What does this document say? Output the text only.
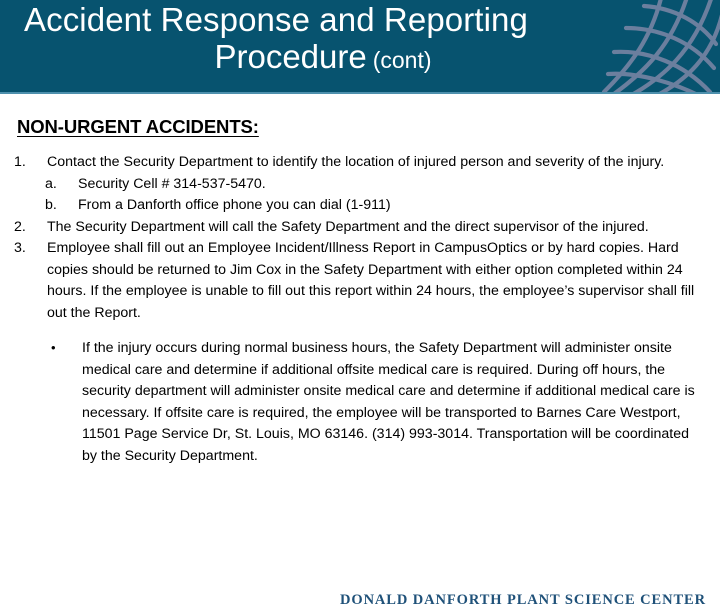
Accident Response and Reporting
Procedure (cont)
NON-URGENT ACCIDENTS:
1.	Contact the Security Department to identify the location of injured person and severity of the injury.
a.	Security Cell # 314-537-5470.
b.	From a Danforth office phone you can dial (1-911)
2.	The Security Department will call the Safety Department and the direct supervisor of the injured.
3.	Employee shall fill out an Employee Incident/Illness Report in CampusOptics or by hard copies. Hard copies should be returned to Jim Cox in the Safety Department with either option completed within 24 hours. If the employee is unable to fill out this report within 24 hours, the employee’s supervisor shall fill out the Report.
• If the injury occurs during normal business hours, the Safety Department will administer onsite medical care and determine if additional offsite medical care is required. During off hours, the security department will administer onsite medical care and determine if additional medical care is necessary. If offsite care is required, the employee will be transported to Barnes Care Westport, 11501 Page Service Dr, St. Louis, MO 63146. (314) 993-3014. Transportation will be coordinated by the Security Department.
DONALD DANFORTH PLANT SCIENCE CENTER
